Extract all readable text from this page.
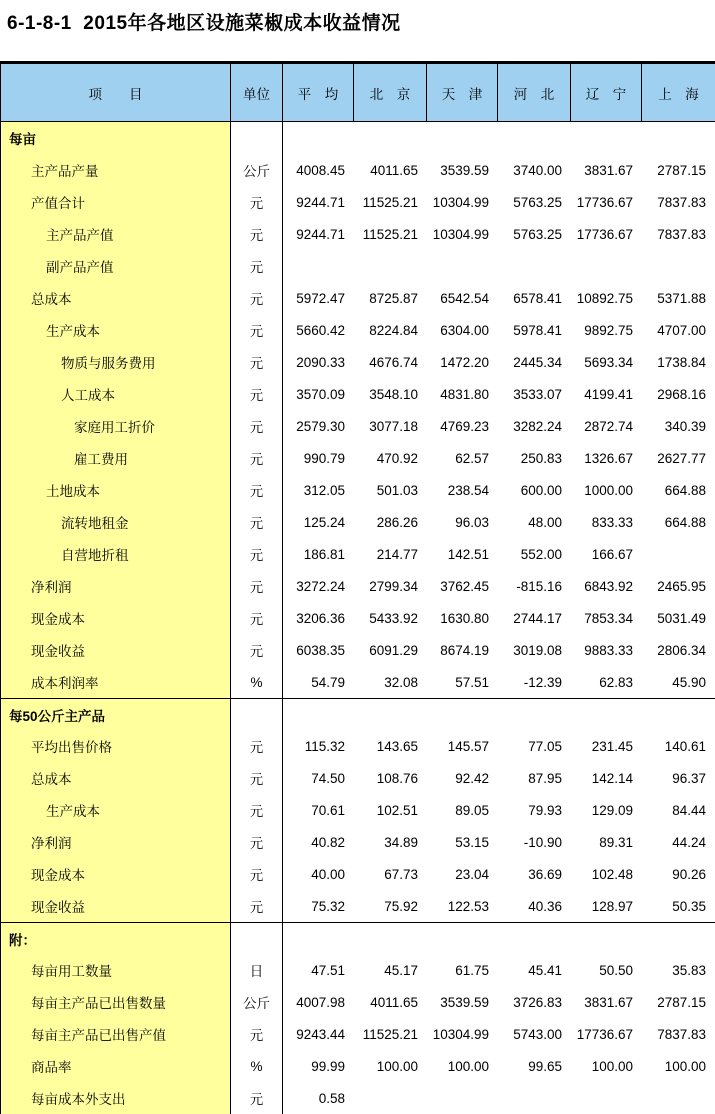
6-1-8-1  2015年各地区设施菜椒成本收益情况
项　　目	单位	平　均	北　京	天　津	河　北	辽　宁	上　海
每亩
主产品产量	公斤	4008.45	4011.65	3539.59	3740.00	3831.67	2787.15
产值合计	元	9244.71	11525.21	10304.99	5763.25	17736.67	7837.83
主产品产值	元	9244.71	11525.21	10304.99	5763.25	17736.67	7837.83
副产品产值	元
总成本	元	5972.47	8725.87	6542.54	6578.41	10892.75	5371.88
生产成本	元	5660.42	8224.84	6304.00	5978.41	9892.75	4707.00
物质与服务费用	元	2090.33	4676.74	1472.20	2445.34	5693.34	1738.84
人工成本	元	3570.09	3548.10	4831.80	3533.07	4199.41	2968.16
家庭用工折价	元	2579.30	3077.18	4769.23	3282.24	2872.74	340.39
雇工费用	元	990.79	470.92	62.57	250.83	1326.67	2627.77
土地成本	元	312.05	501.03	238.54	600.00	1000.00	664.88
流转地租金	元	125.24	286.26	96.03	48.00	833.33	664.88
自营地折租	元	186.81	214.77	142.51	552.00	166.67
净利润	元	3272.24	2799.34	3762.45	-815.16	6843.92	2465.95
现金成本	元	3206.36	5433.92	1630.80	2744.17	7853.34	5031.49
现金收益	元	6038.35	6091.29	8674.19	3019.08	9883.33	2806.34
成本利润率	%	54.79	32.08	57.51	-12.39	62.83	45.90
每50公斤主产品
平均出售价格	元	115.32	143.65	145.57	77.05	231.45	140.61
总成本	元	74.50	108.76	92.42	87.95	142.14	96.37
生产成本	元	70.61	102.51	89.05	79.93	129.09	84.44
净利润	元	40.82	34.89	53.15	-10.90	89.31	44.24
现金成本	元	40.00	67.73	23.04	36.69	102.48	90.26
现金收益	元	75.32	75.92	122.53	40.36	128.97	50.35
附：
每亩用工数量	日	47.51	45.17	61.75	45.41	50.50	35.83
每亩主产品已出售数量	公斤	4007.98	4011.65	3539.59	3726.83	3831.67	2787.15
每亩主产品已出售产值	元	9243.44	11525.21	10304.99	5743.00	17736.67	7837.83
商品率	%	99.99	100.00	100.00	99.65	100.00	100.00
每亩成本外支出	元	0.58
